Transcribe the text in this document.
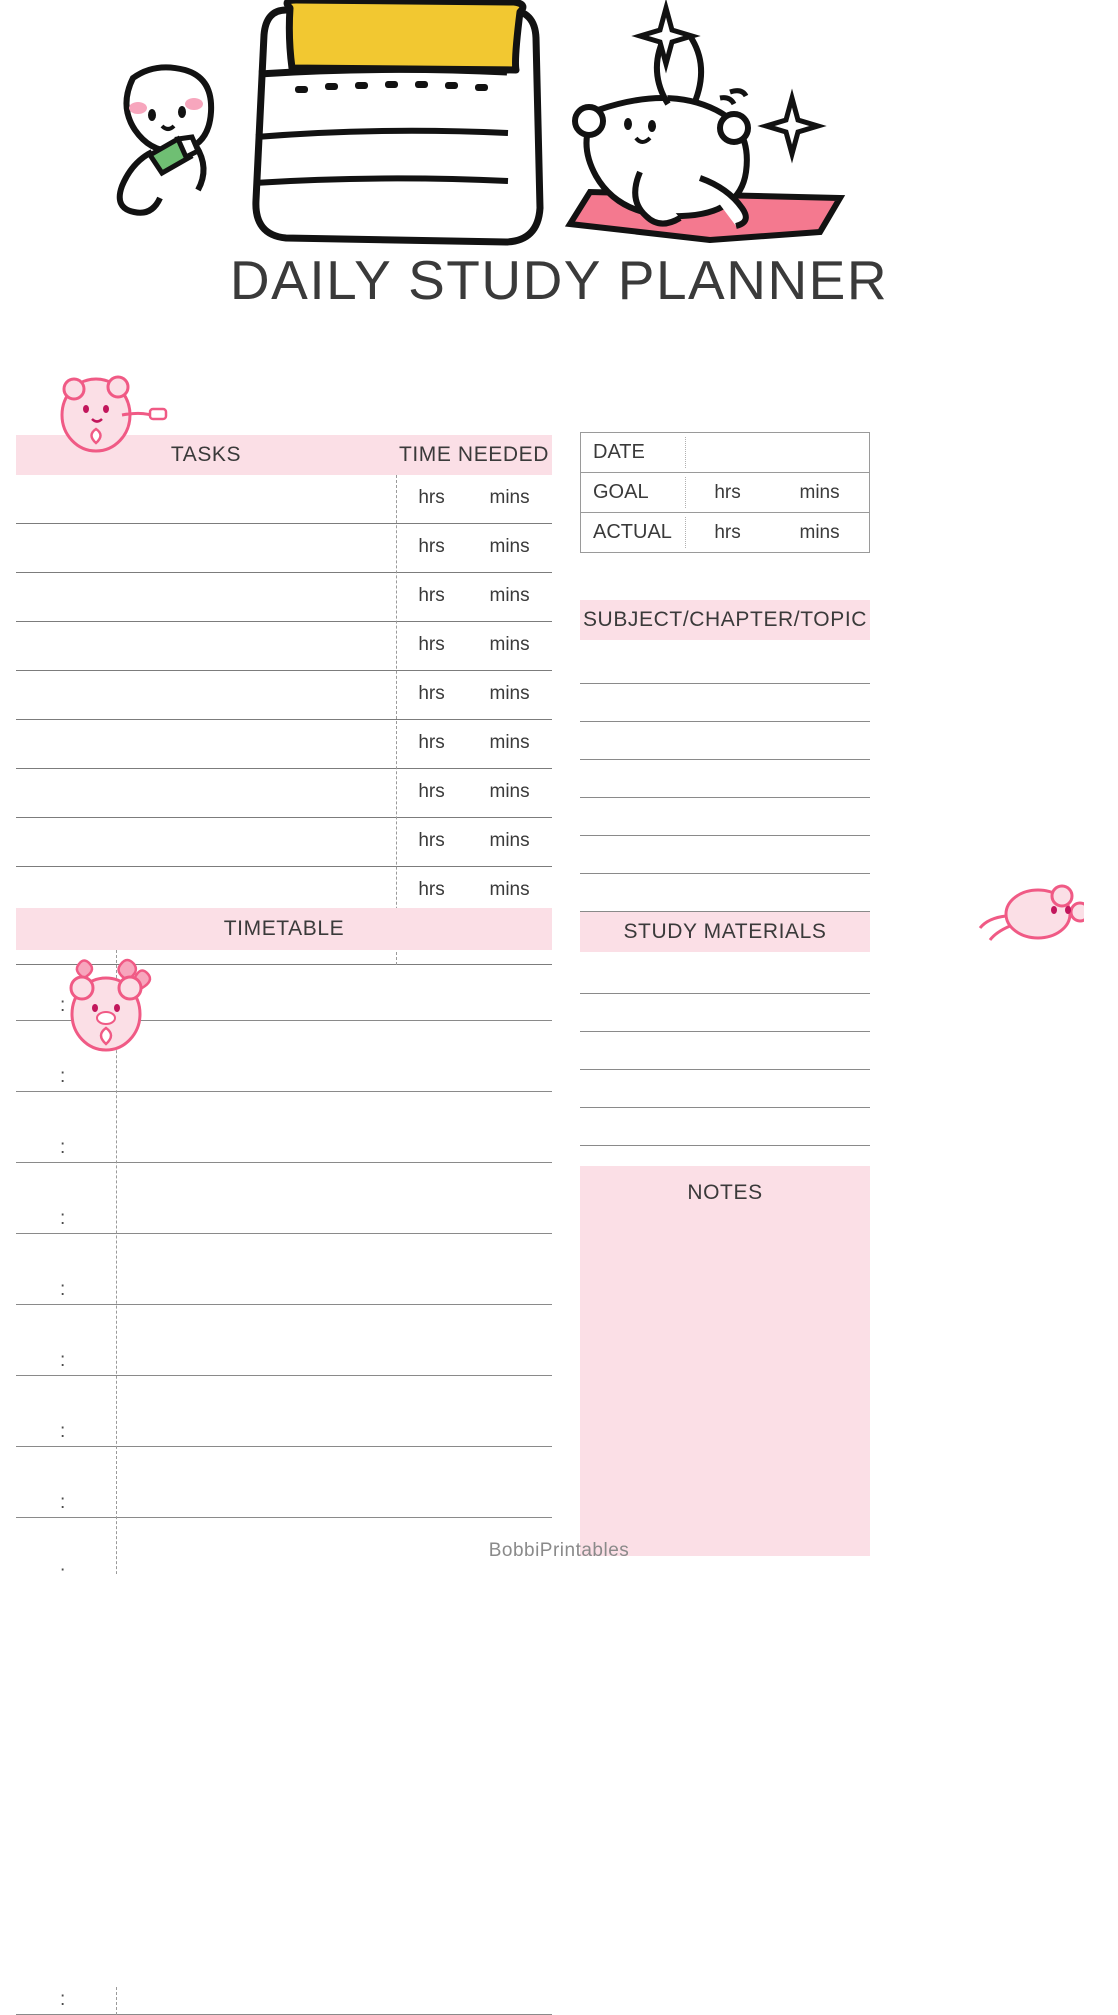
DAILY STUDY PLANNER
TASKS	TIME NEEDED
hrs mins
hrs mins
hrs mins
hrs mins
hrs mins
hrs mins
hrs mins
hrs mins
hrs mins
TIMETABLE
:
:
:
:
:
:
:
:
:
DATE
GOAL	hrs	mins
ACTUAL	hrs	mins
SUBJECT/CHAPTER/TOPIC
STUDY MATERIALS
NOTES
BobbiPrintables
